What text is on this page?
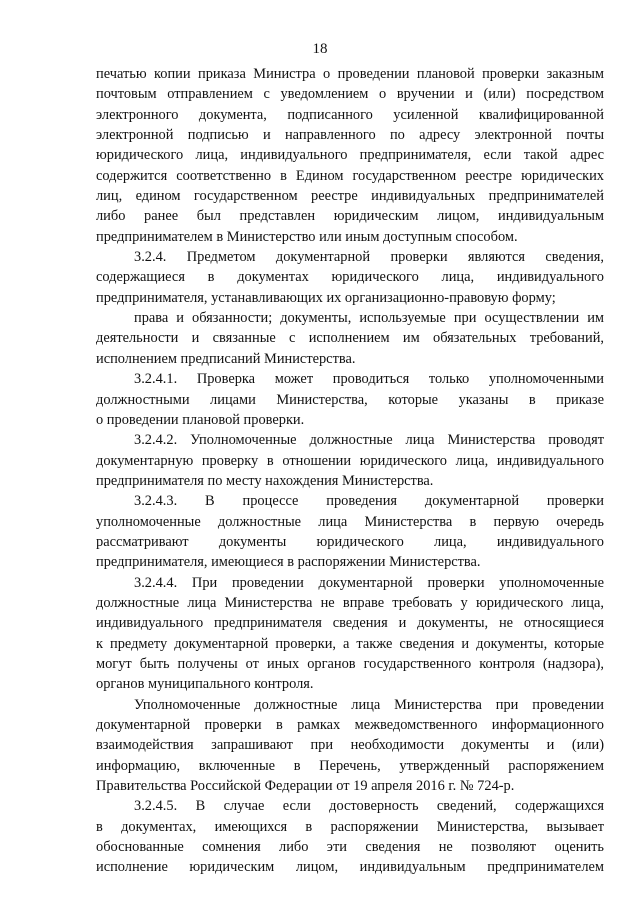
18

печатью копии приказа Министра о проведении плановой проверки заказным
почтовым отправлением с уведомлением о вручении и (или) посредством
электронного документа, подписанного усиленной квалифицированной
электронной подписью и направленного по адресу электронной почты
юридического лица, индивидуального предпринимателя, если такой адрес
содержится соответственно в Едином государственном реестре юридических
лиц, едином государственном реестре индивидуальных предпринимателей
либо ранее был представлен юридическим лицом, индивидуальным
предпринимателем в Министерство или иным доступным способом.

3.2.4. Предметом документарной проверки являются сведения,
содержащиеся в документах юридического лица, индивидуального
предпринимателя, устанавливающих их организационно-правовую форму;

права и обязанности; документы, используемые при осуществлении им
деятельности и связанные с исполнением им обязательных требований,
исполнением предписаний Министерства.

3.2.4.1. Проверка может проводиться только уполномоченными
должностными лицами Министерства, которые указаны в приказе
о проведении плановой проверки.

3.2.4.2. Уполномоченные должностные лица Министерства проводят
документарную проверку в отношении юридического лица, индивидуального
предпринимателя по месту нахождения Министерства.

3.2.4.3. В процессе проведения документарной проверки
уполномоченные должностные лица Министерства в первую очередь
рассматривают документы юридического лица, индивидуального
предпринимателя, имеющиеся в распоряжении Министерства.

3.2.4.4. При проведении документарной проверки уполномоченные
должностные лица Министерства не вправе требовать у юридического лица,
индивидуального предпринимателя сведения и документы, не относящиеся
к предмету документарной проверки, а также сведения и документы, которые
могут быть получены от иных органов государственного контроля (надзора),
органов муниципального контроля.

Уполномоченные должностные лица Министерства при проведении
документарной проверки в рамках межведомственного информационного
взаимодействия запрашивают при необходимости документы и (или)
информацию, включенные в Перечень, утвержденный распоряжением
Правительства Российской Федерации от 19 апреля 2016 г. № 724-р.

3.2.4.5. В случае если достоверность сведений, содержащихся
в документах, имеющихся в распоряжении Министерства, вызывает
обоснованные сомнения либо эти сведения не позволяют оценить
исполнение юридическим лицом, индивидуальным предпринимателем
